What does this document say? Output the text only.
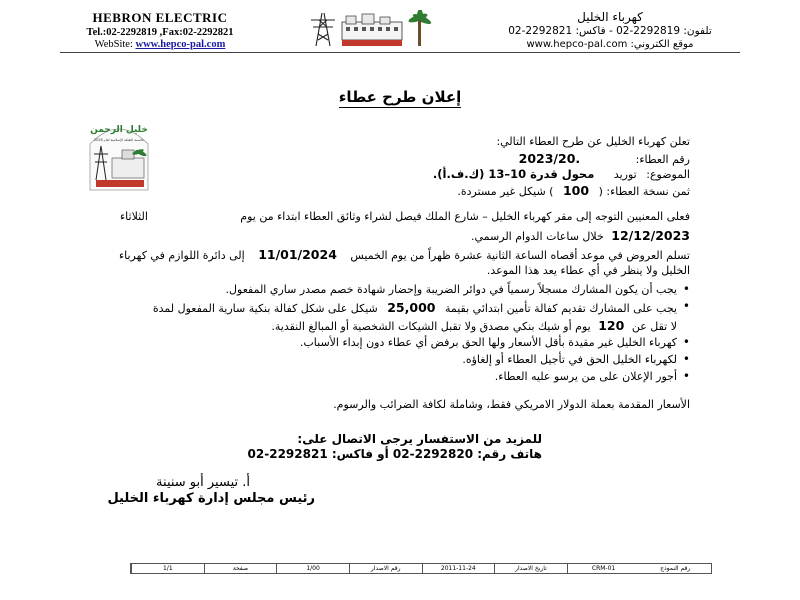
HEBRON ELECTRIC
Tel.:02-2292819 ,Fax:02-2292821
WebSite: www.hepco-pal.com
كهرباء الخليل
تلفون: 2292819-02 - فاكس: 2292821-02
موقع الكتروني: www.hepco-pal.com
إعلان طرح عطاء
خليل الرحمن
عاصمة الثقافة الإسلامية لعام 2026	تعلن كهرباء الخليل عن طرح العطاء التالي:
رقم العطاء: 2023/20.
الموضوع: توريد محول قدرة 10–13 (ك.ف.أ).
ثمن نسخة العطاء: ( 100 ) شيكل غير مستردة.
فعلى المعنيين التوجه إلى مقر كهرباء الخليل – شارع الملك فيصل لشراء وثائق العطاء ابتداء من يوم
الثلاثاء
12/12/2023 خلال ساعات الدوام الرسمي.
تسلم العروض في موعد أقصاه الساعة الثانية عشرة ظهراً من يوم الخميس 11/01/2024 إلى دائرة اللوازم في كهرباء
الخليل ولا ينظر في أي عطاء يعد هذا الموعد.
يجب أن يكون المشارك مسجلاً رسمياً في دوائر الضريبة وإحضار شهادة خصم مصدر ساري المفعول. •
يجب على المشارك تقديم كفالة تأمين ابتدائي بقيمة 25,000 شيكل على شكل كفالة بنكية سارية المفعول لمدة •
لا تقل عن 120 يوم أو شيك بنكي مصدق ولا تقبل الشيكات الشخصية أو المبالغ النقدية.
كهرباء الخليل غير مقيدة بأقل الأسعار ولها الحق برفض أي عطاء دون إبداء الأسباب. •
لكهرباء الخليل الحق في تأجيل العطاء أو إلغاؤه. •
أجور الإعلان على من يرسو عليه العطاء. •
الأسعار المقدمة بعملة الدولار الامريكي فقط، وشاملة لكافة الضرائب والرسوم.
للمزيد من الاستفسار يرجى الاتصال على:
هاتف رقم: 2292820-02 أو فاكس: 2292821-02
أ. تيسير أبو سنينة
رئيس مجلس إدارة كهرباء الخليل
رقم النموذج
CRM-01
تاريخ الاصدار
2011-11-24
رقم الاصدار
1/00
صفحة
1/1
